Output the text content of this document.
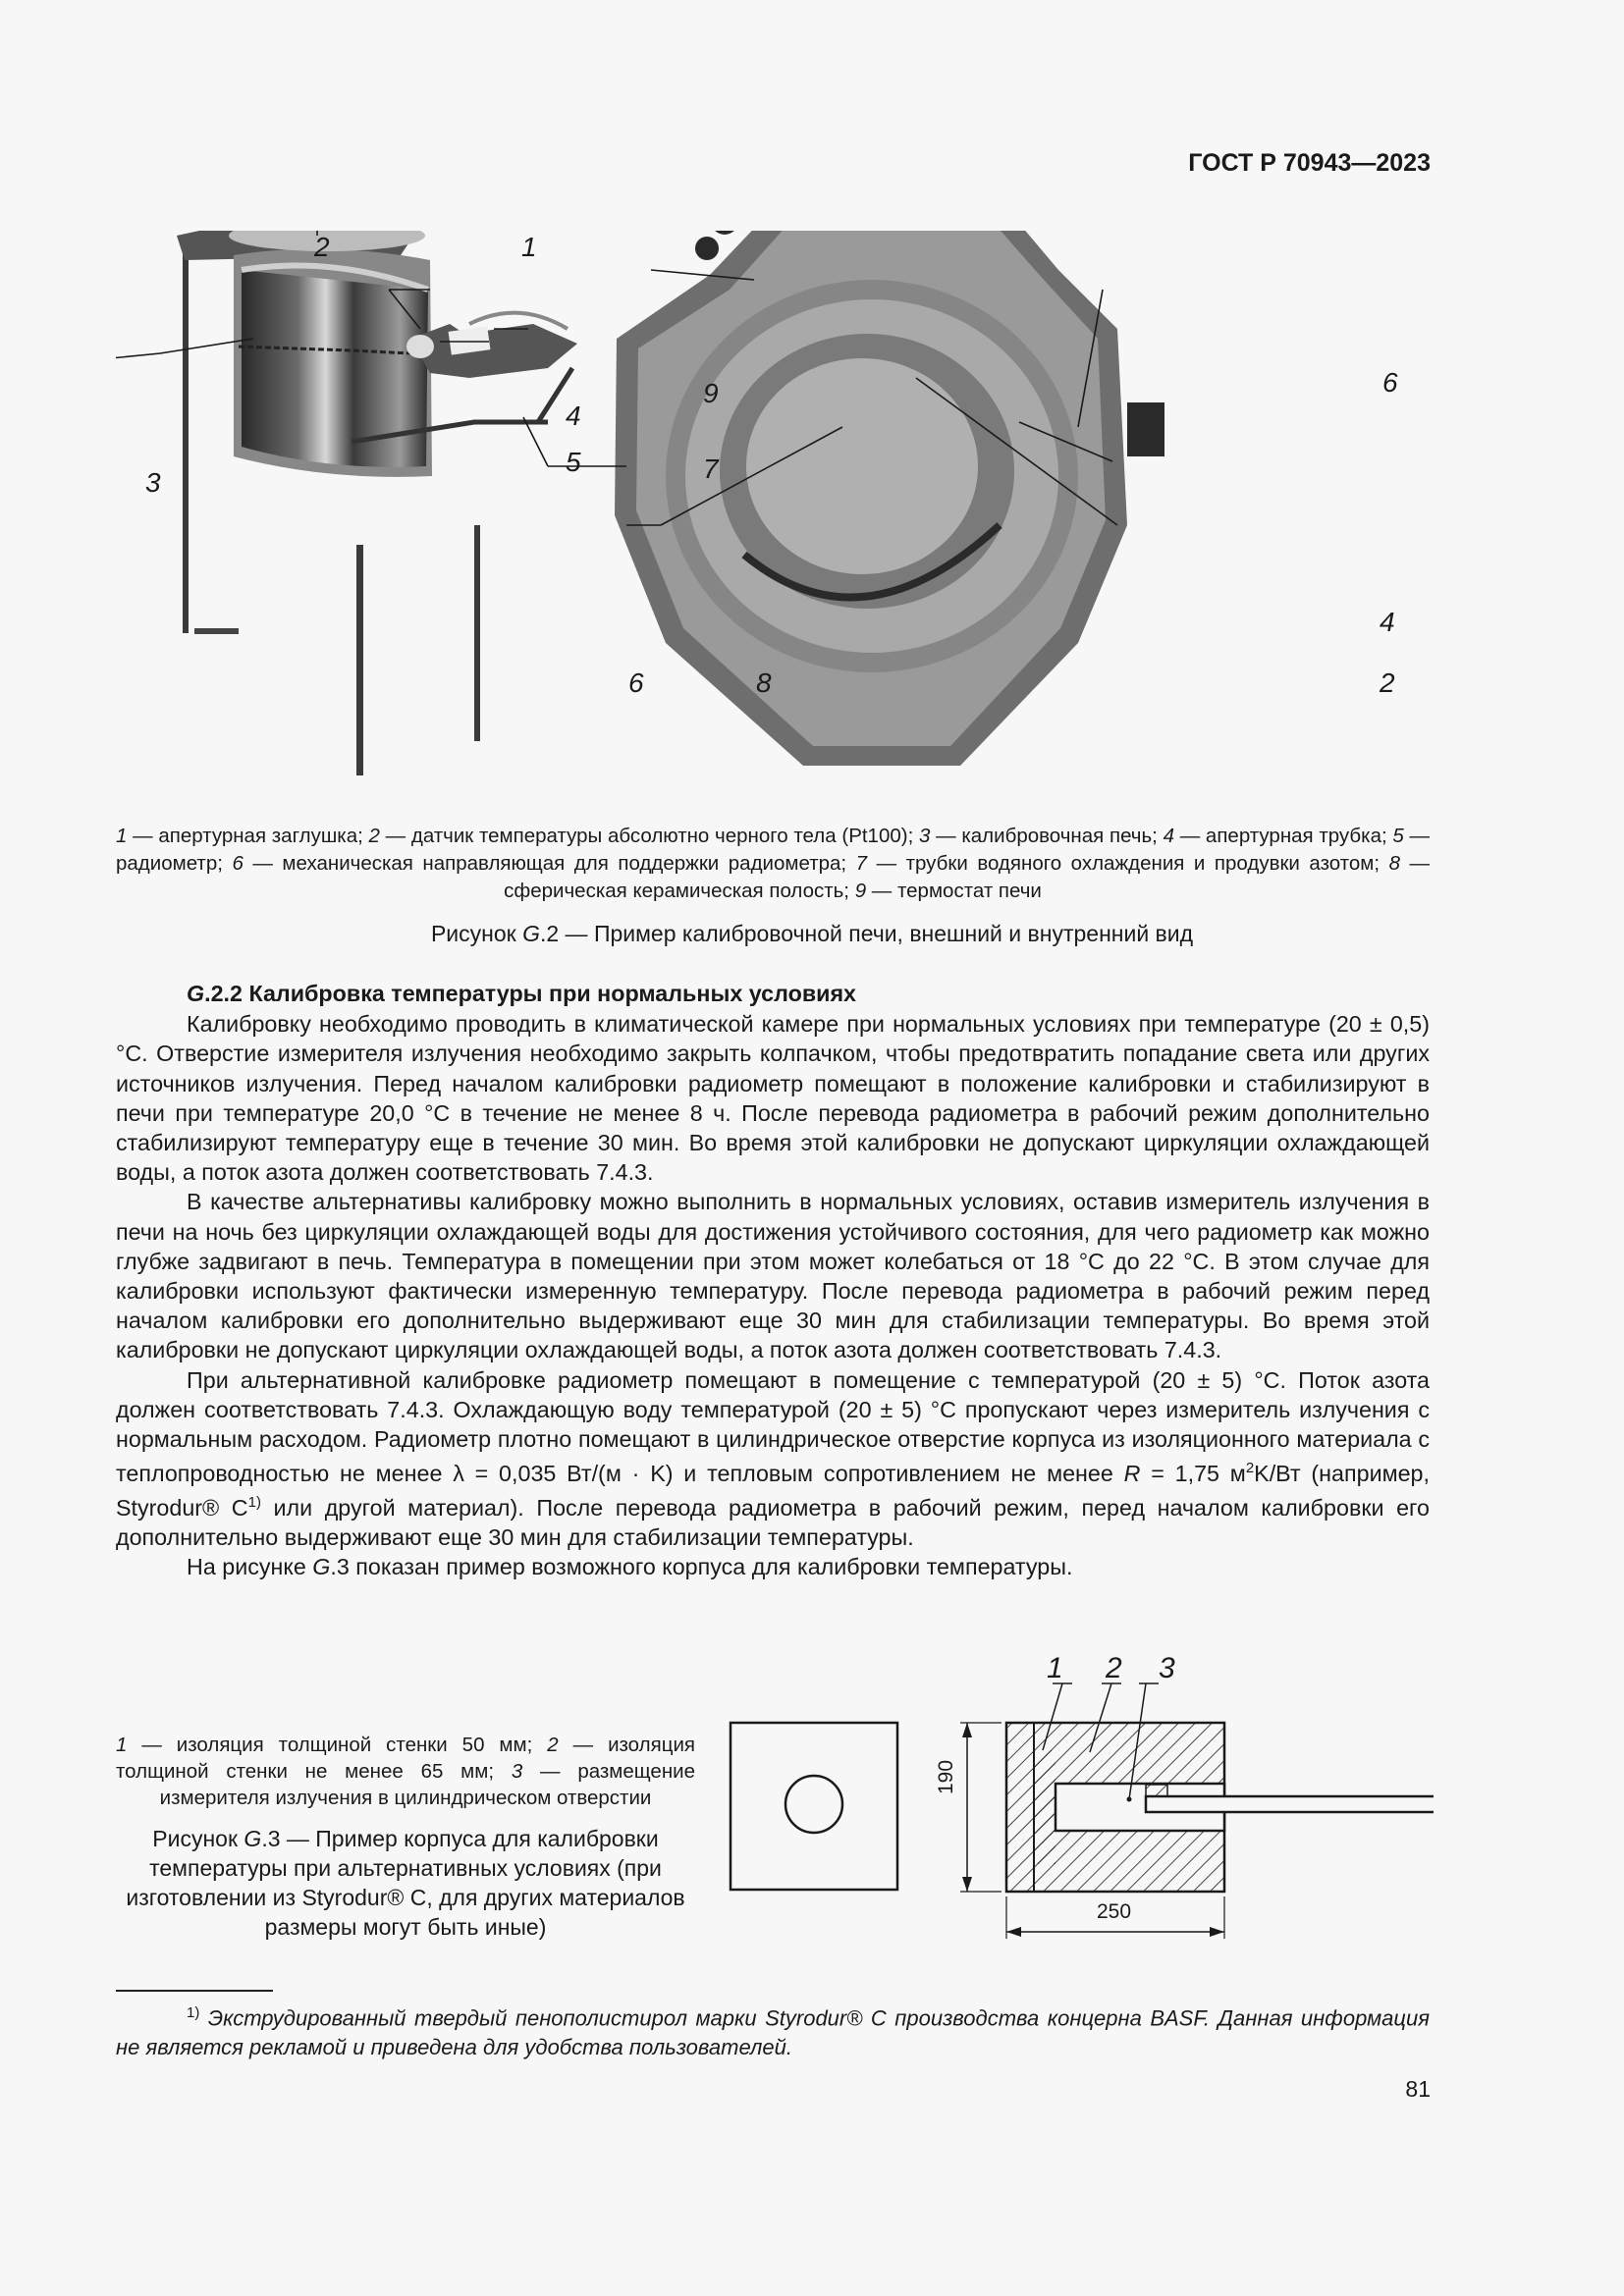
ГОСТ Р 70943—2023
2	1
3
4
5	7
6
9	6
4
8	2
1 — апертурная заглушка; 2 — датчик температуры абсолютно черного тела (Pt100); 3 — калибровочная печь; 4 — апертурная трубка; 5 — радиометр; 6 — механическая направляющая для поддержки радиометра; 7 — трубки водяного охлаждения и продувки азотом; 8 — сферическая керамическая полость; 9 — термостат печи
Рисунок G.2 — Пример калибровочной печи, внешний и внутренний вид
G.2.2 Калибровка температуры при нормальных условиях

Калибровку необходимо проводить в климатической камере при нормальных условиях при температуре (20 ± 0,5) °С. Отверстие измерителя излучения необходимо закрыть колпачком, чтобы предотвратить попадание света или других источников излучения. Перед началом калибровки радиометр помещают в положение калибровки и стабилизируют в печи при температуре 20,0 °С в течение не менее 8 ч. После перевода радиометра в рабочий режим дополнительно стабилизируют температуру еще в течение 30 мин. Во время этой калибровки не допускают циркуляции охлаждающей воды, а поток азота должен соответствовать 7.4.3.

В качестве альтернативы калибровку можно выполнить в нормальных условиях, оставив измеритель излучения в печи на ночь без циркуляции охлаждающей воды для достижения устойчивого состояния, для чего радиометр как можно глубже задвигают в печь. Температура в помещении при этом может колебаться от 18 °С до 22 °С. В этом случае для калибровки используют фактически измеренную температуру. После перевода радиометра в рабочий режим перед началом калибровки его дополнительно выдерживают еще 30 мин для стабилизации температуры. Во время этой калибровки не допускают циркуляции охлаждающей воды, а поток азота должен соответствовать 7.4.3.

При альтернативной калибровке радиометр помещают в помещение с температурой (20 ± 5) °С. Поток азота должен соответствовать 7.4.3. Охлаждающую воду температурой (20 ± 5) °С пропускают через измеритель излучения с нормальным расходом. Радиометр плотно помещают в цилиндрическое отверстие корпуса из изоляционного материала с теплопроводностью не менее λ = 0,035 Вт/(м · K) и тепловым сопротивлением не менее R = 1,75 $м^2K/Вт$ (например, Styrodur® $С^{1)}$ или другой материал). После перевода радиометра в рабочий режим, перед началом калибровки его дополнительно выдерживают еще 30 мин для стабилизации температуры.

На рисунке G.3 показан пример возможного корпуса для калибровки температуры.

1 — изоляция толщиной стенки 50 мм; 2 — изоляция толщиной стенки не менее 65 мм; 3 — размещение измерителя излучения в цилиндрическом отверстии
Рисунок G.3 — Пример корпуса для калибровки температуры при альтернативных условиях (при изготовлении из Styrodur® С, для других материалов размеры могут быть иные)
1 2 3
190
250
$^{1)}$ Экструдированный твердый пенополистирол марки Styrodur® С производства концерна BASF. Данная информация не является рекламой и приведена для удобства пользователей.
81
